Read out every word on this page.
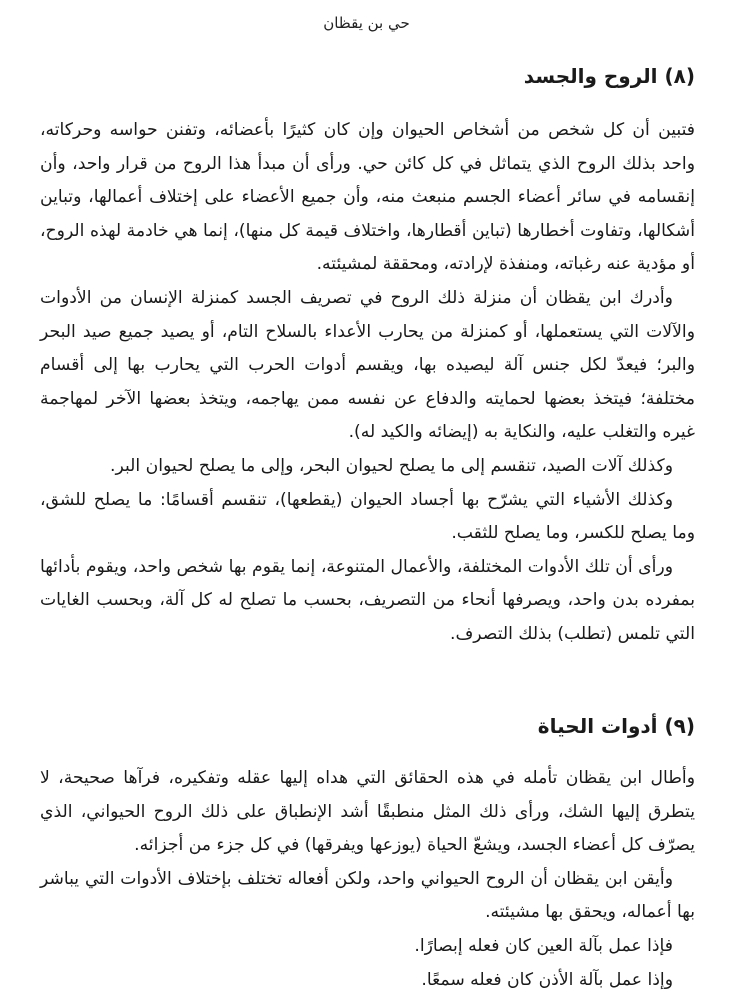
حي بن يقظان
(٨) الروح والجسد

فتبين أن كل شخص من أشخاص الحيوان وإن كان كثيرًا بأعضائه، وتفنن حواسه وحركاته، واحد بذلك الروح الذي يتماثل في كل كائن حي. ورأى أن مبدأ هذا الروح من قرار واحد، وأن إنقسامه في سائر أعضاء الجسم منبعث منه، وأن جميع الأعضاء على إختلاف أعمالها، وتباين أشكالها، وتفاوت أخطارها (تباين أقطارها، واختلاف قيمة كل منها)، إنما هي خادمة لهذه الروح، أو مؤدية عنه رغباته، ومنفذة لإرادته، ومحققة لمشيئته.

وأدرك ابن يقظان أن منزلة ذلك الروح في تصريف الجسد كمنزلة الإنسان من الأدوات والآلات التي يستعملها، أو كمنزلة من يحارب الأعداء بالسلاح التام، أو يصيد جميع صيد البحر والبر؛ فيعدّ لكل جنس آلة ليصيده بها، ويقسم أدوات الحرب التي يحارب بها إلى أقسام مختلفة؛ فيتخذ بعضها لحمايته والدفاع عن نفسه ممن يهاجمه، ويتخذ بعضها الآخر لمهاجمة غيره والتغلب عليه، والنكاية به (إيضائه والكيد له).

وكذلك آلات الصيد، تنقسم إلى ما يصلح لحيوان البحر، وإلى ما يصلح لحيوان البر.

وكذلك الأشياء التي يشرّح بها أجساد الحيوان (يقطعها)، تنقسم أقسامًا: ما يصلح للشق، وما يصلح للكسر، وما يصلح للثقب.

ورأى أن تلك الأدوات المختلفة، والأعمال المتنوعة، إنما يقوم بها شخص واحد، ويقوم بأدائها بمفرده بدن واحد، ويصرفها أنحاء من التصريف، بحسب ما تصلح له كل آلة، وبحسب الغايات التي تلمس (تطلب) بذلك التصرف.

(٩) أدوات الحياة

وأطال ابن يقظان تأمله في هذه الحقائق التي هداه إليها عقله وتفكيره، فرآها صحيحة، لا يتطرق إليها الشك، ورأى ذلك المثل منطبقًا أشد الإنطباق على ذلك الروح الحيواني، الذي يصرّف كل أعضاء الجسد، ويشعّ الحياة (يوزعها ويفرقها) في كل جزء من أجزائه.

وأيقن ابن يقظان أن الروح الحيواني واحد، ولكن أفعاله تختلف بإختلاف الأدوات التي يباشر بها أعماله، ويحقق بها مشيئته.

فإذا عمل بآلة العين كان فعله إبصارًا.

وإذا عمل بآلة الأذن كان فعله سمعًا.
